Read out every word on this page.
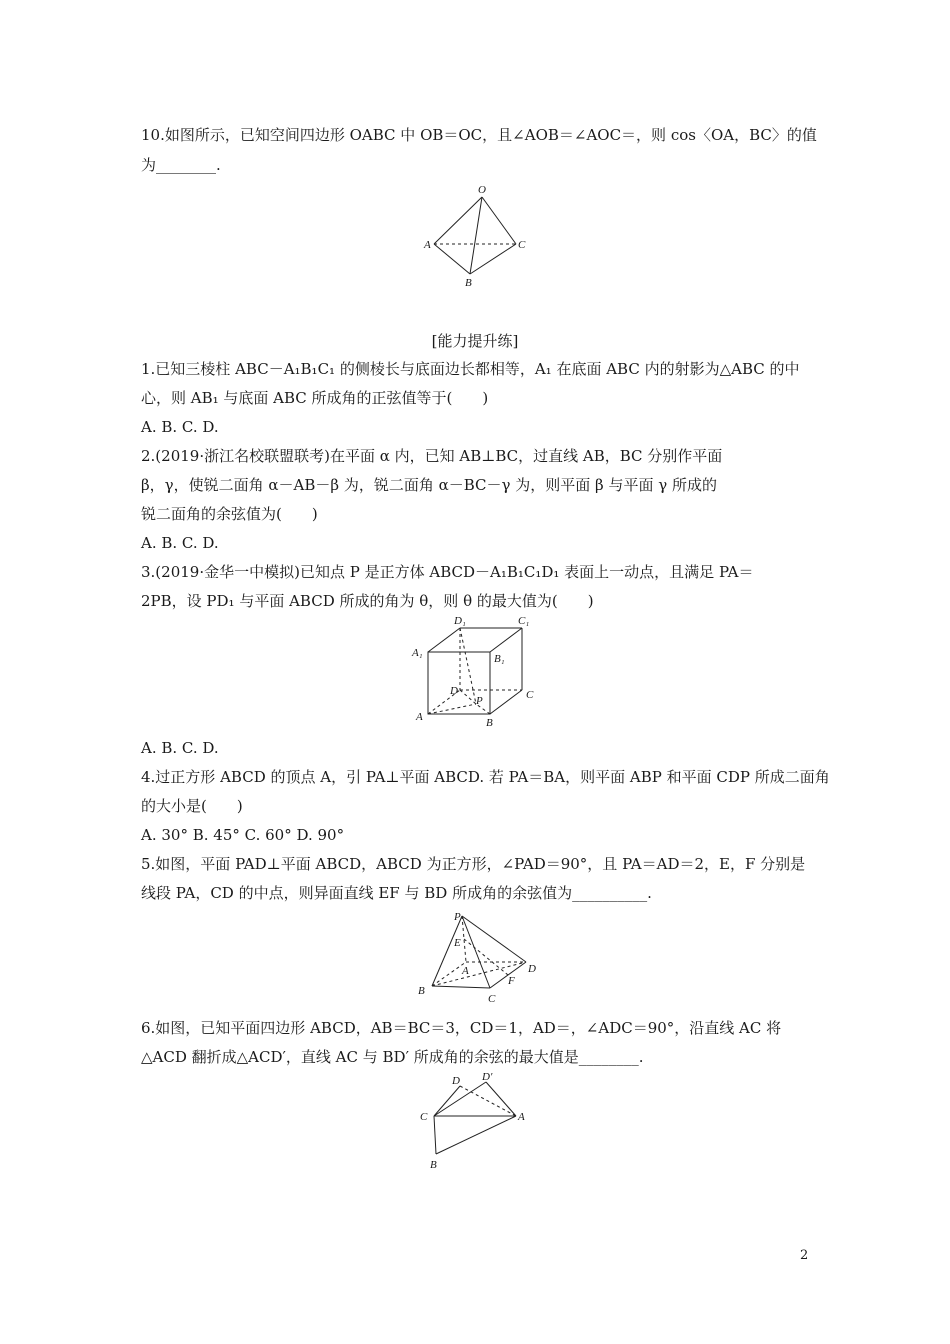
10.如图所示，已知空间四边形 OABC 中 OB＝OC，且∠AOB＝∠AOC＝，则 cos〈OA，BC〉的值
为________.
O
A
B
C
[能力提升练]
1.已知三棱柱 ABC－A₁B₁C₁ 的侧棱长与底面边长都相等，A₁ 在底面 ABC 内的射影为△ABC 的中
心，则 AB₁ 与底面 ABC 所成角的正弦值等于(　　)
A. B. C. D.
2.(2019·浙江名校联盟联考)在平面 α 内，已知 AB⊥BC，过直线 AB，BC 分别作平面
β，γ，使锐二面角 α－AB－β 为，锐二面角 α－BC－γ 为，则平面 β 与平面 γ 所成的
锐二面角的余弦值为(　　)
A. B. C. D.
3.(2019·金华一中模拟)已知点 P 是正方体 ABCD－A₁B₁C₁D₁ 表面上一动点，且满足 PA＝
2PB，设 PD₁ 与平面 ABCD 所成的角为 θ，则 θ 的最大值为(　　)
D₁	C₁
A₁	B₁
D	C
A	B
P
A. B. C. D.
4.过正方形 ABCD 的顶点 A，引 PA⊥平面 ABCD. 若 PA＝BA，则平面 ABP 和平面 CDP 所成二面角
的大小是(　　)
A. 30° B. 45° C. 60° D. 90°
5.如图，平面 PAD⊥平面 ABCD，ABCD 为正方形，∠PAD＝90°，且 PA＝AD＝2，E，F 分别是
线段 PA，CD 的中点，则异面直线 EF 与 BD 所成角的余弦值为__________.
P
E
A	D
F
B
C
6.如图，已知平面四边形 ABCD，AB＝BC＝3，CD＝1，AD＝，∠ADC＝90°，沿直线 AC 将
△ACD 翻折成△ACD′，直线 AC 与 BD′ 所成角的余弦的最大值是________.
D D′
C	A
B
2
